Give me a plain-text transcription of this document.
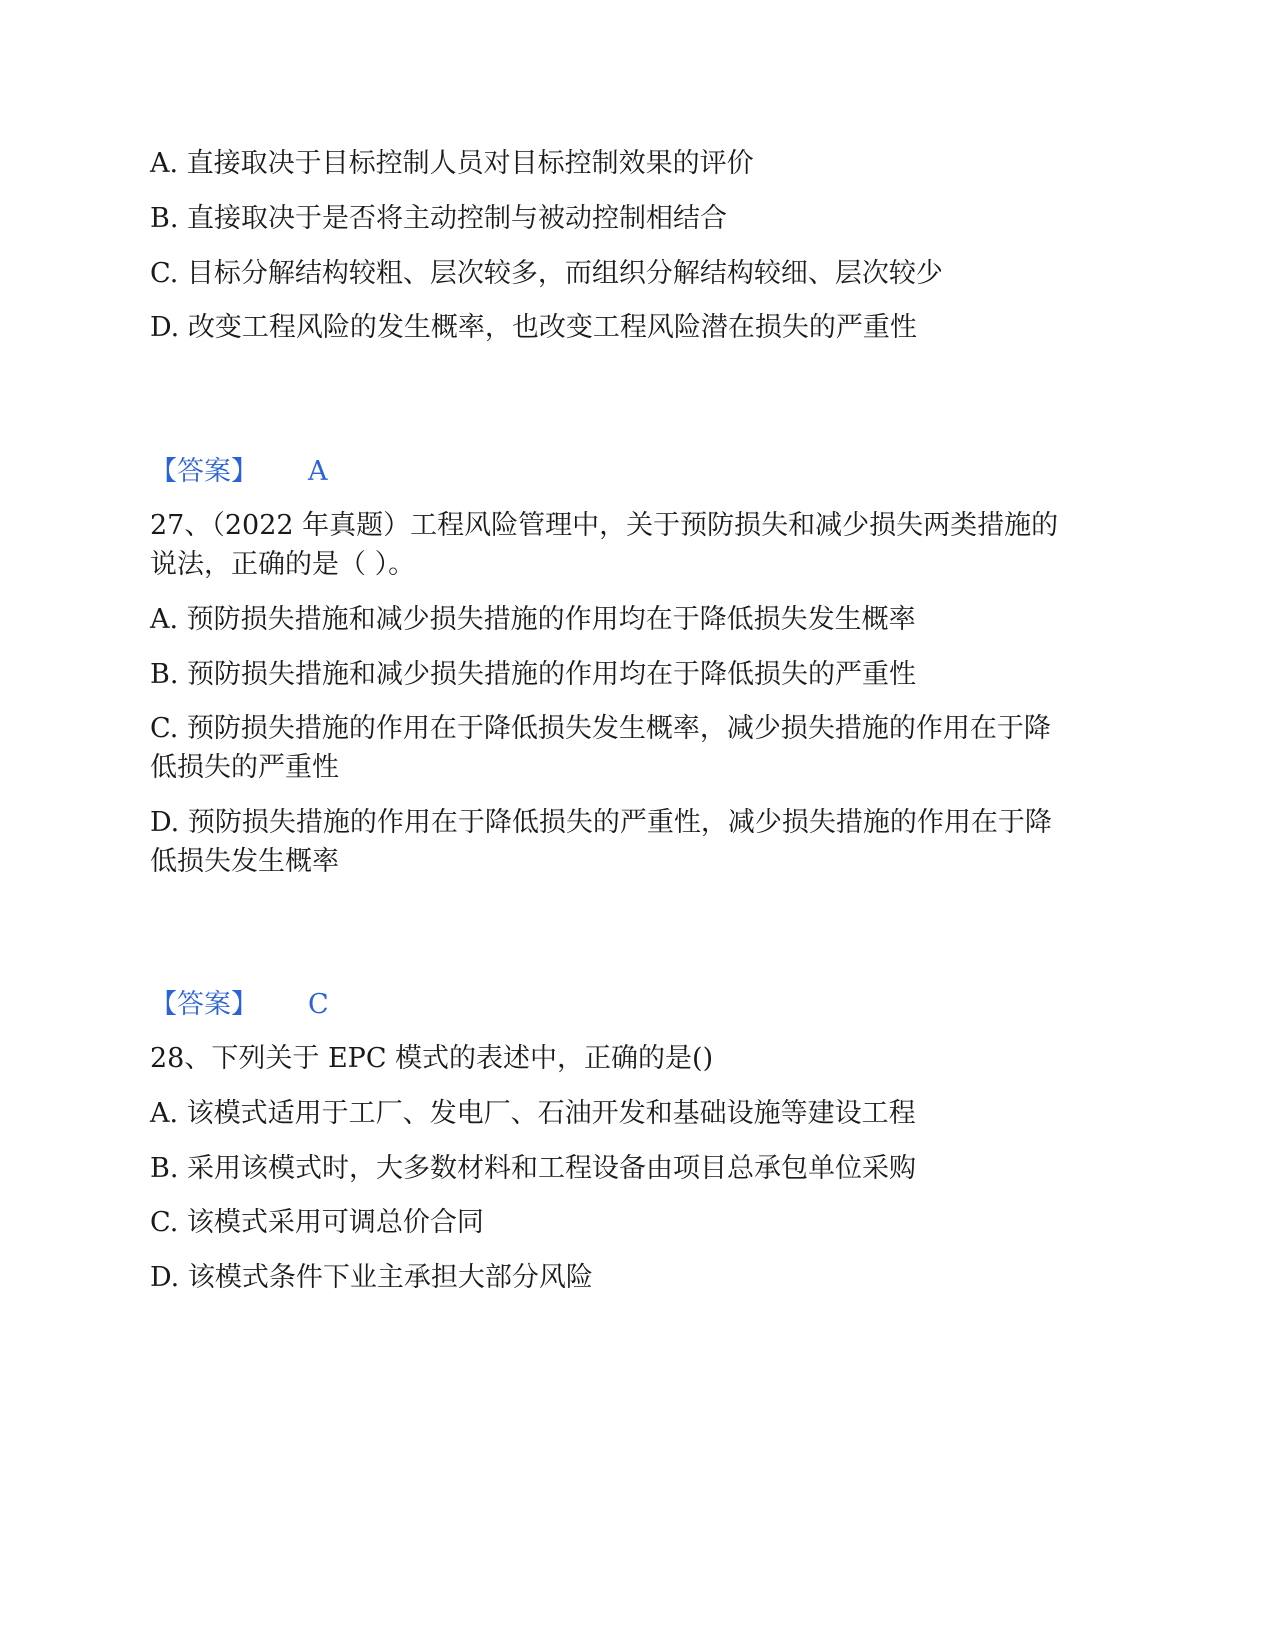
A. 直接取决于目标控制人员对目标控制效果的评价
B. 直接取决于是否将主动控制与被动控制相结合
C. 目标分解结构较粗、层次较多，而组织分解结构较细、层次较少
D. 改变工程风险的发生概率，也改变工程风险潜在损失的严重性
【答案】 A
27、（2022 年真题）工程风险管理中，关于预防损失和减少损失两类措施的
说法，正确的是（ ）。
A. 预防损失措施和减少损失措施的作用均在于降低损失发生概率
B. 预防损失措施和减少损失措施的作用均在于降低损失的严重性
C. 预防损失措施的作用在于降低损失发生概率，减少损失措施的作用在于降
低损失的严重性
D. 预防损失措施的作用在于降低损失的严重性，减少损失措施的作用在于降
低损失发生概率
【答案】 C
28、下列关于 EPC 模式的表述中，正确的是()
A. 该模式适用于工厂、发电厂、石油开发和基础设施等建设工程
B. 采用该模式时，大多数材料和工程设备由项目总承包单位采购
C. 该模式采用可调总价合同
D. 该模式条件下业主承担大部分风险
